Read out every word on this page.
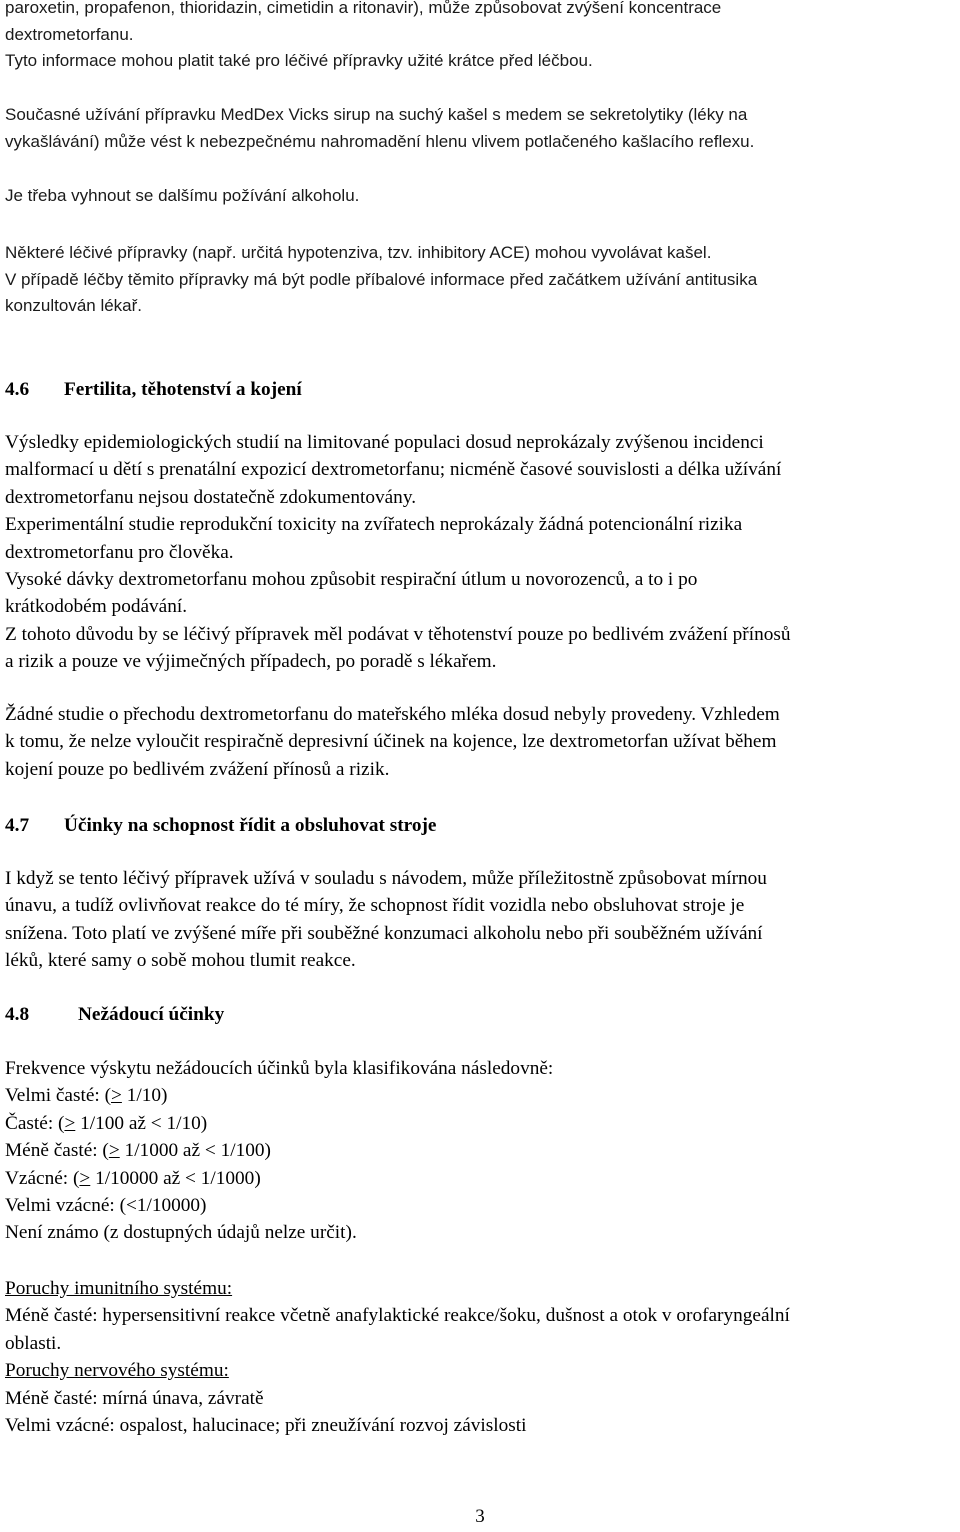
paroxetin, propafenon, thioridazin, cimetidin a ritonavir), může způsobovat zvýšení koncentrace

dextrometorfanu.

Tyto informace mohou platit také pro léčivé přípravky užité krátce před léčbou.

Současné užívání přípravku MedDex Vicks sirup na suchý kašel s medem se sekretolytiky (léky na

vykašlávání) může vést k nebezpečnému nahromadění hlenu vlivem potlačeného kašlacího reflexu.

Je třeba vyhnout se dalšímu požívání alkoholu.

Některé léčivé přípravky (např. určitá hypotenziva, tzv. inhibitory ACE) mohou vyvolávat kašel.

V případě léčby těmito přípravky má být podle příbalové informace před začátkem užívání antitusika

konzultován lékař.

4.6 Fertilita, těhotenství a kojení

Výsledky epidemiologických studií na limitované populaci dosud neprokázaly zvýšenou incidenci

malformací u dětí s prenatální expozicí dextrometorfanu; nicméně časové souvislosti a délka užívání

dextrometorfanu nejsou dostatečně zdokumentovány.

Experimentální studie reprodukční toxicity na zvířatech neprokázaly žádná potencionální rizika

dextrometorfanu pro člověka.

Vysoké dávky dextrometorfanu mohou způsobit respirační útlum u novorozenců, a to i po

krátkodobém podávání.

Z tohoto důvodu by se léčivý přípravek měl podávat v těhotenství pouze po bedlivém zvážení přínosů

a rizik a pouze ve výjimečných případech, po poradě s lékařem.

Žádné studie o přechodu dextrometorfanu do mateřského mléka dosud nebyly provedeny. Vzhledem

k tomu, že nelze vyloučit respiračně depresivní účinek na kojence, lze dextrometorfan užívat během

kojení pouze po bedlivém zvážení přínosů a rizik.

4.7 Účinky na schopnost řídit a obsluhovat stroje

I když se tento léčivý přípravek užívá v souladu s návodem, může příležitostně způsobovat mírnou

únavu, a tudíž ovlivňovat reakce do té míry, že schopnost řídit vozidla nebo obsluhovat stroje je

snížena. Toto platí ve zvýšené míře při souběžné konzumaci alkoholu nebo při souběžném užívání

léků, které samy o sobě mohou tlumit reakce.

4.8	Nežádoucí účinky

Frekvence výskytu nežádoucích účinků byla klasifikována následovně:

Velmi časté: (> 1/10)

Časté: (> 1/100 až < 1/10)

Méně časté: (> 1/1000 až < 1/100)

Vzácné: (> 1/10000 až < 1/1000)

Velmi vzácné: (<1/10000)

Není známo (z dostupných údajů nelze určit).

Poruchy imunitního systému:

Méně časté: hypersensitivní reakce včetně anafylaktické reakce/šoku, dušnost a otok v orofaryngeální

oblasti.

Poruchy nervového systému:

Méně časté: mírná únava, závratě

Velmi vzácné: ospalost, halucinace; při zneužívání rozvoj závislosti

3
